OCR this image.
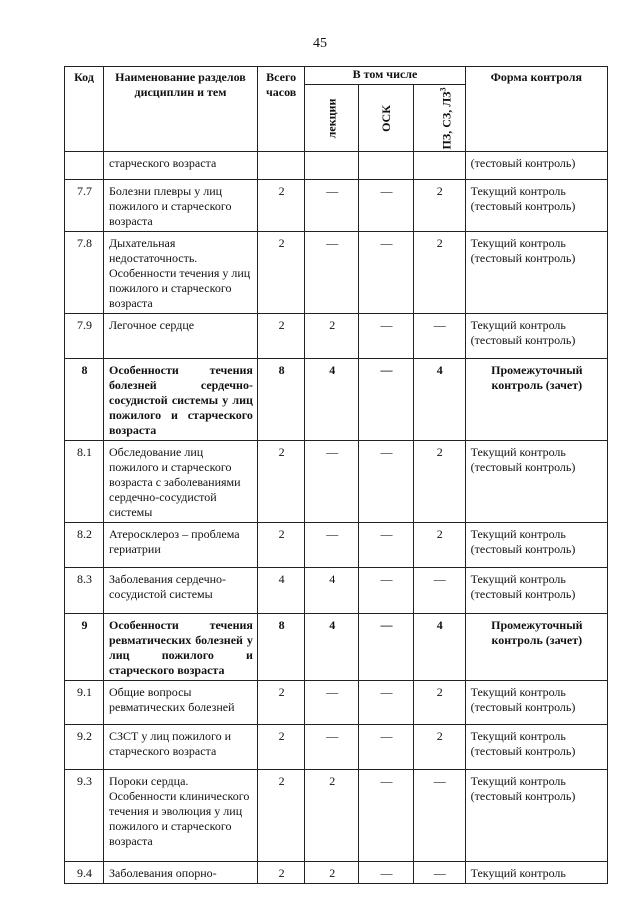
45
Код	Наименование разделов дисциплин и тем	Всего часов	В том числе			Форма контроля
			лекции	ОСК	ПЗ, СЗ, $ЛЗ^3$
	старческого возраста					(тестовый контроль)
7.7	Болезни плевры у лиц пожилого и старческого возраста	2	—	—	2	Текущий контроль (тестовый контроль)
7.8	Дыхательная недостаточность. Особенности течения у лиц пожилого и старческого возраста	2	—	—	2	Текущий контроль (тестовый контроль)
7.9	Легочное сердце	2	2	—	—	Текущий контроль (тестовый контроль)
8	Особенности течения болезней сердечно-сосудистой системы у лиц пожилого и старческого возраста	8	4	—	4	Промежуточный контроль (зачет)
8.1	Обследование лиц пожилого и старческого возраста с заболеваниями сердечно-сосудистой системы	2	—	—	2	Текущий контроль (тестовый контроль)
8.2	Атеросклероз – проблема гериатрии	2	—	—	2	Текущий контроль (тестовый контроль)
8.3	Заболевания сердечно-сосудистой системы	4	4	—	—	Текущий контроль (тестовый контроль)
9	Особенности течения ревматических болезней у лиц пожилого и старческого возраста	8	4	—	4	Промежуточный контроль (зачет)
9.1	Общие вопросы ревматических болезней	2	—	—	2	Текущий контроль (тестовый контроль)
9.2	СЗСТ у лиц пожилого и старческого возраста	2	—	—	2	Текущий контроль (тестовый контроль)
9.3	Пороки сердца. Особенности клинического течения и эволюция у лиц пожилого и старческого возраста	2	2	—	—	Текущий контроль (тестовый контроль)
9.4	Заболевания опорно-	2	2	—	—	Текущий контроль
